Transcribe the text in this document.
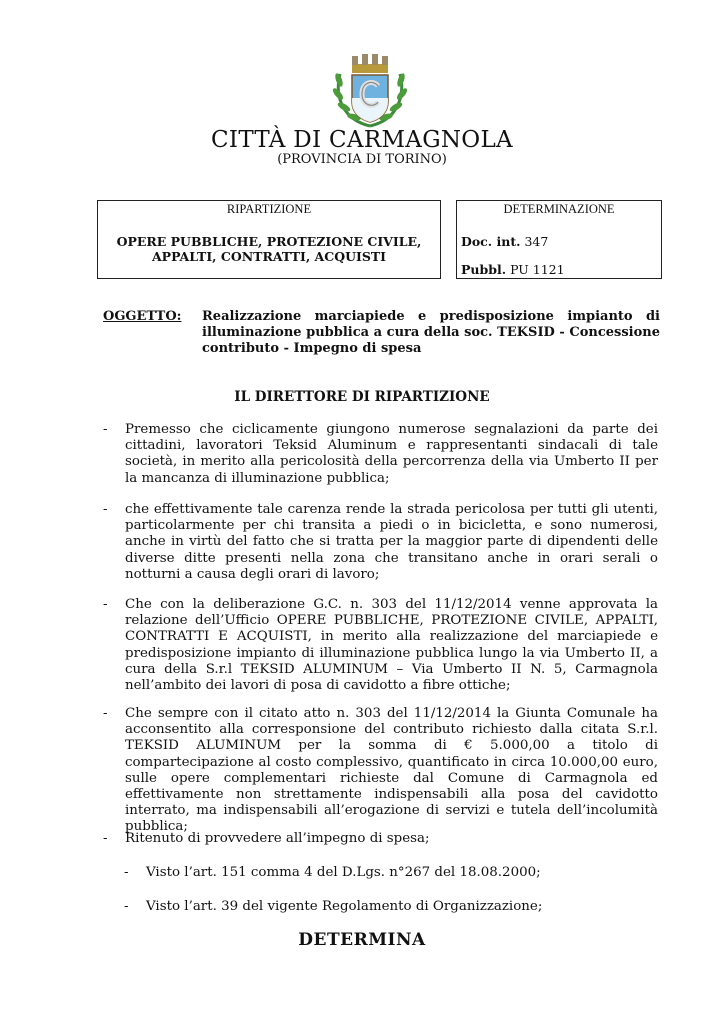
CITTÀ DI CARMAGNOLA
(PROVINCIA DI TORINO)
RIPARTIZIONE
OPERE PUBBLICHE, PROTEZIONE CIVILE,
APPALTI, CONTRATTI, ACQUISTI
DETERMINAZIONE
Doc. int. 347
Pubbl. PU 1121
OGGETTO: Realizzazione marciapiede e predisposizione impianto di illuminazione pubblica a cura della soc. TEKSID - Concessione contributo - Impegno di spesa
IL DIRETTORE DI RIPARTIZIONE
- Premesso che ciclicamente giungono numerose segnalazioni da parte dei cittadini, lavoratori Teksid Aluminum e rappresentanti sindacali di tale società, in merito alla pericolosità della percorrenza della via Umberto II per la mancanza di illuminazione pubblica;
- che effettivamente tale carenza rende la strada pericolosa per tutti gli utenti, particolarmente per chi transita a piedi o in bicicletta, e sono numerosi, anche in virtù del fatto che si tratta per la maggior parte di dipendenti delle diverse ditte presenti nella zona che transitano anche in orari serali o notturni a causa degli orari di lavoro;
- Che con la deliberazione G.C. n. 303 del 11/12/2014 venne approvata la relazione dell’Ufficio OPERE PUBBLICHE, PROTEZIONE CIVILE, APPALTI, CONTRATTI E ACQUISTI, in merito alla realizzazione del marciapiede e predisposizione impianto di illuminazione pubblica lungo la via Umberto II, a cura della S.r.l TEKSID ALUMINUM – Via Umberto II N. 5, Carmagnola nell’ambito dei lavori di posa di cavidotto a fibre ottiche;
- Che sempre con il citato atto n. 303 del 11/12/2014 la Giunta Comunale ha acconsentito alla corresponsione del contributo richiesto dalla citata S.r.l. TEKSID ALUMINUM per la somma di € 5.000,00 a titolo di compartecipazione al costo complessivo, quantificato in circa 10.000,00 euro, sulle opere complementari richieste dal Comune di Carmagnola ed effettivamente non strettamente indispensabili alla posa del cavidotto interrato, ma indispensabili all’erogazione di servizi e tutela dell’incolumità pubblica;
- Ritenuto di provvedere all’impegno di spesa;
- Visto l’art. 151 comma 4 del D.Lgs. n°267 del 18.08.2000;
- Visto l’art. 39 del vigente Regolamento di Organizzazione;
DETERMINA
